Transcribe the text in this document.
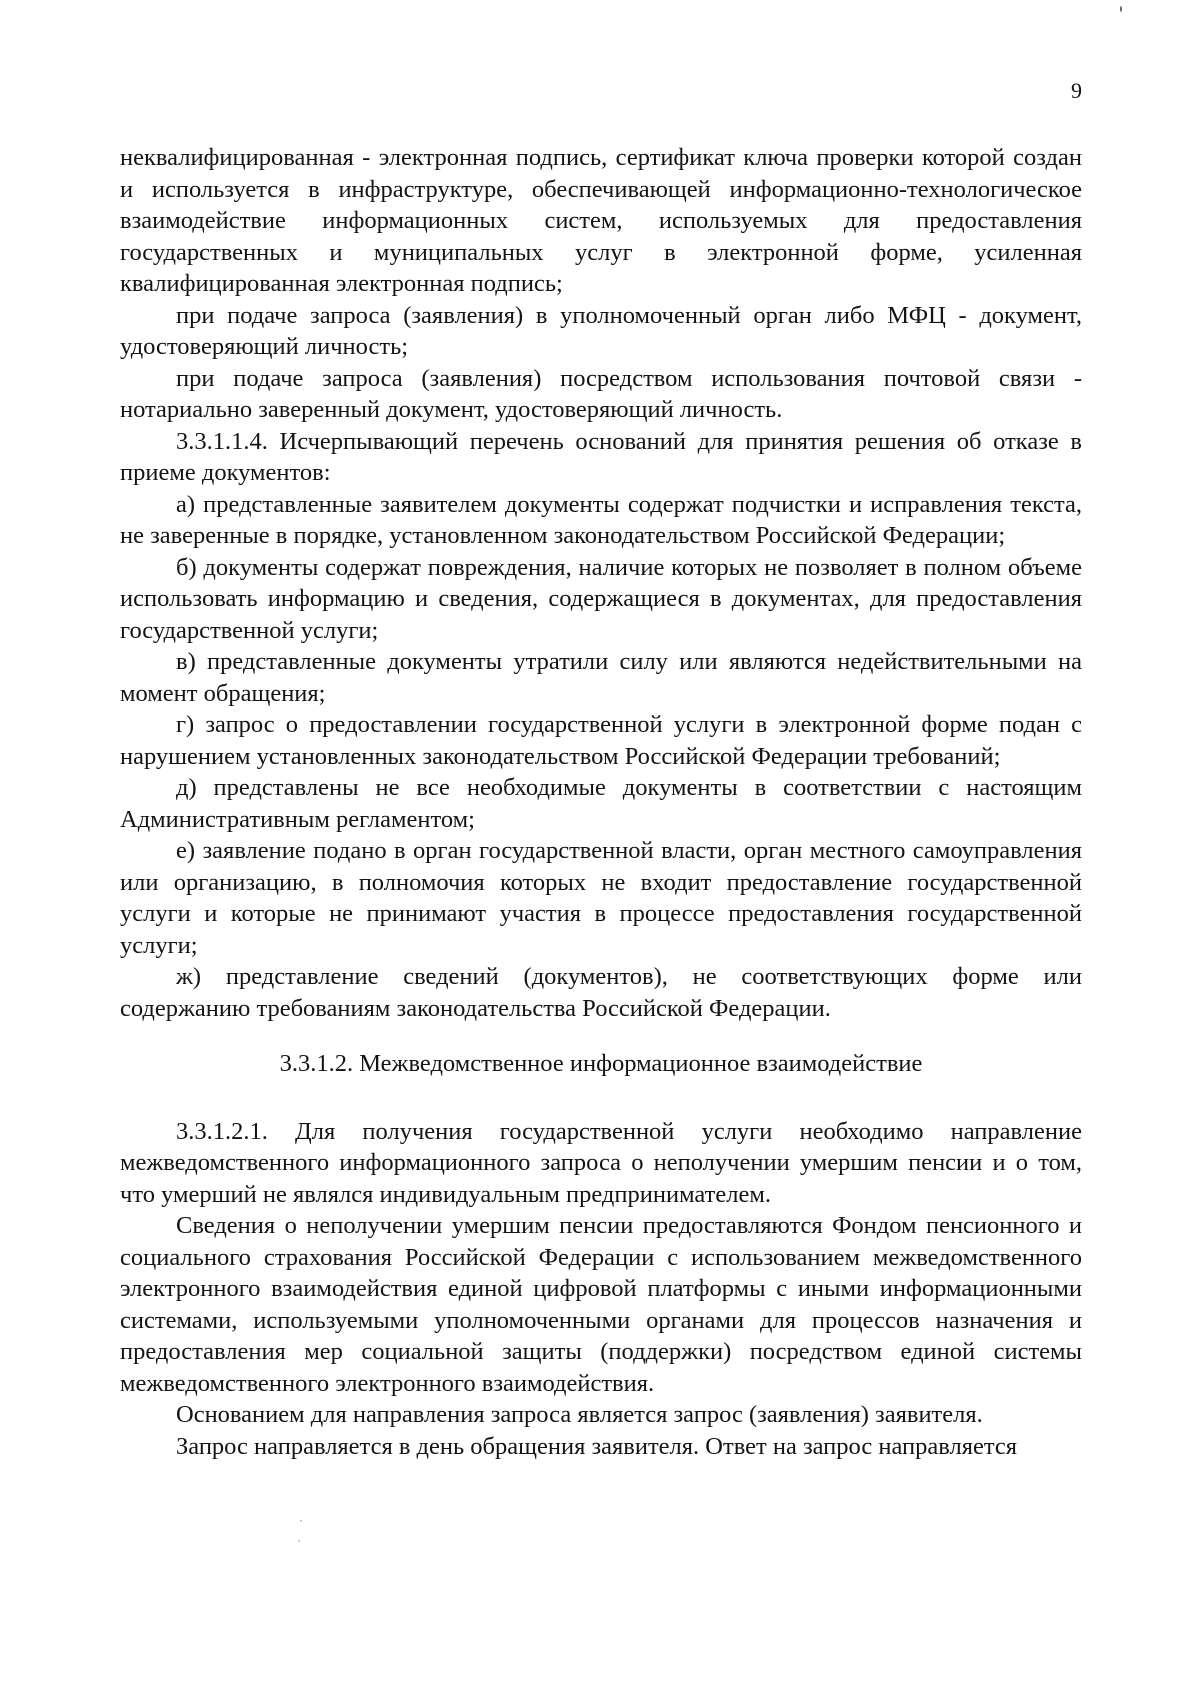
9

неквалифицированная - электронная подпись, сертификат ключа проверки которой создан и используется в инфраструктуре, обеспечивающей информационно-технологическое взаимодействие информационных систем, используемых для предоставления государственных и муниципальных услуг в электронной форме, усиленная квалифицированная электронная подпись;

при подаче запроса (заявления) в уполномоченный орган либо МФЦ - документ, удостоверяющий личность;

при подаче запроса (заявления) посредством использования почтовой связи - нотариально заверенный документ, удостоверяющий личность.

3.3.1.1.4. Исчерпывающий перечень оснований для принятия решения об отказе в приеме документов:

а) представленные заявителем документы содержат подчистки и исправления текста, не заверенные в порядке, установленном законодательством Российской Федерации;

б) документы содержат повреждения, наличие которых не позволяет в полном объеме использовать информацию и сведения, содержащиеся в документах, для предоставления государственной услуги;

в) представленные документы утратили силу или являются недействительными на момент обращения;

г) запрос о предоставлении государственной услуги в электронной форме подан с нарушением установленных законодательством Российской Федерации требований;

д) представлены не все необходимые документы в соответствии с настоящим Административным регламентом;

е) заявление подано в орган государственной власти, орган местного самоуправления или организацию, в полномочия которых не входит предоставление государственной услуги и которые не принимают участия в процессе предоставления государственной услуги;

ж) представление сведений (документов), не соответствующих форме или содержанию требованиям законодательства Российской Федерации.

3.3.1.2. Межведомственное информационное взаимодействие

3.3.1.2.1. Для получения государственной услуги необходимо направление межведомственного информационного запроса о неполучении умершим пенсии и о том, что умерший не являлся индивидуальным предпринимателем.

Сведения о неполучении умершим пенсии предоставляются Фондом пенсионного и социального страхования Российской Федерации с использованием межведомственного электронного взаимодействия единой цифровой платформы с иными информационными системами, используемыми уполномоченными органами для процессов назначения и предоставления мер социальной защиты (поддержки) посредством единой системы межведомственного электронного взаимодействия.

Основанием для направления запроса является запрос (заявления) заявителя.

Запрос направляется в день обращения заявителя. Ответ на запрос направляется
